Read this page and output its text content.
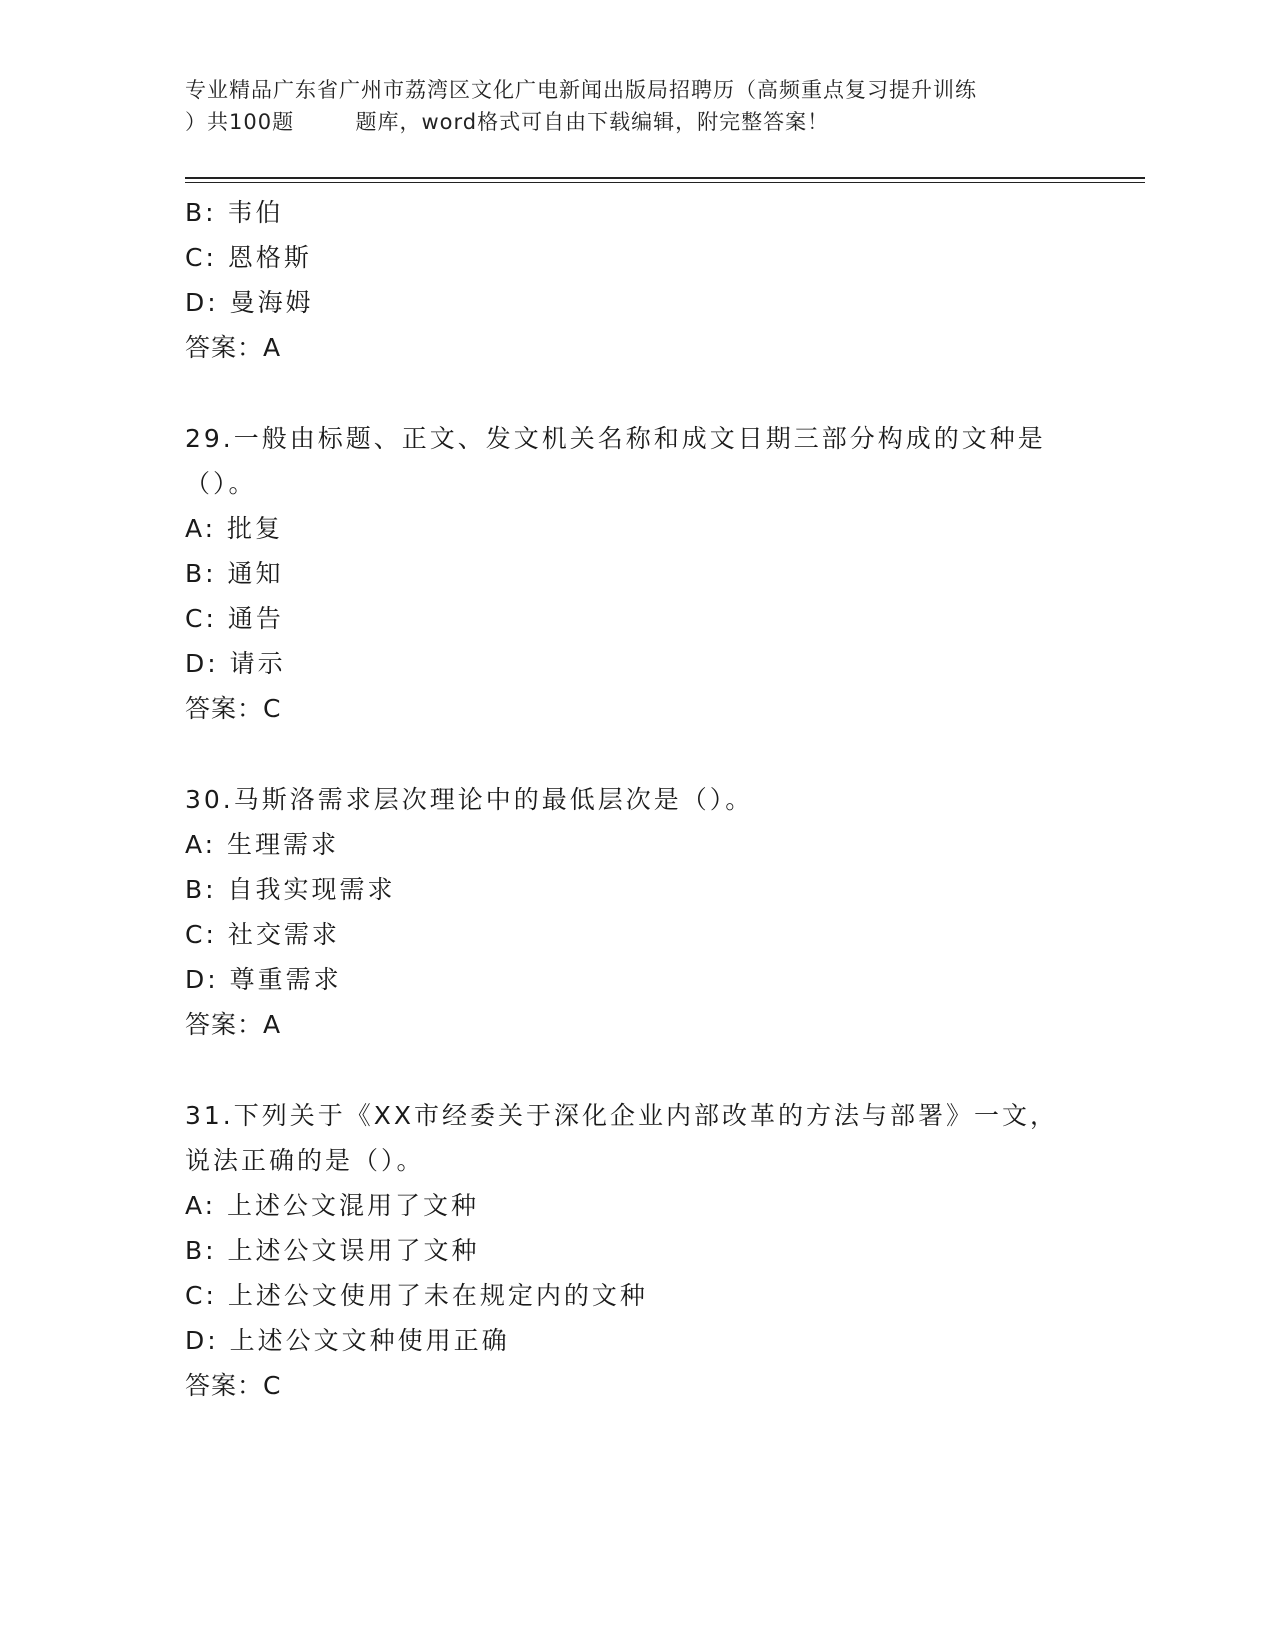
专业精品广东省广州市荔湾区文化广电新闻出版局招聘历（高频重点复习提升训练
）共100题        题库，word格式可自由下载编辑，附完整答案！
B: 韦伯
C: 恩格斯
D: 曼海姆
答案：A
29.一般由标题、正文、发文机关名称和成文日期三部分构成的文种是
（）。
A: 批复
B: 通知
C: 通告
D: 请示
答案：C
30.马斯洛需求层次理论中的最低层次是（）。
A: 生理需求
B: 自我实现需求
C: 社交需求
D: 尊重需求
答案：A
31.下列关于《XX市经委关于深化企业内部改革的方法与部署》一文，
说法正确的是（）。
A: 上述公文混用了文种
B: 上述公文误用了文种
C: 上述公文使用了未在规定内的文种
D: 上述公文文种使用正确
答案：C
